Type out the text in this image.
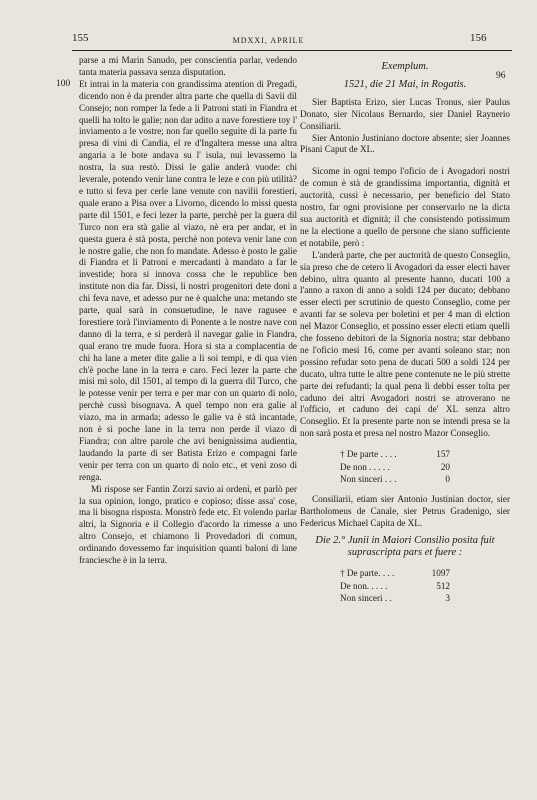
155	MDXXI, APRILE	156
100
96

parse a mi Marin Sanudo, per conscientia parlar, vedendo tanta materia passava senza disputation.

Et intrai in la materia con grandissima atention di Pregadi, dicendo non è da prender altra parte che quella di Savii dil Consejo; non romper la fede a li Patroni stati in Fiandra et quelli ha tolto le galie; non dar adito a nave forestiere toy l' inviamento a le vostre; non far quello seguite di la parte fu presa di vini di Candia, el re d'Ingaltera messe una altra angaria a le bote andava su l' isula, nui levassemo la nostra, la sua restò. Dissi le galie anderà vuode: chi leverale, potendo venir lane contra le leze e con più utilità? e tutto si feva per cerle lane venute con navilii forestieri, quale erano a Pisa over a Livorno, dicendo lo missi questa parte dil 1501, e feci lezer la parte, perchè per la guera dil Turco non era stà galie al viazo, nè era per andar, et in questa guera è stà posta, perchè non poteva venir lane con le nostre galie, che non fo mandate. Adesso è posto le galie di Fiandra et li Patroni e mercadanti à mandato a far le investide; hora si innova cossa che le republice ben institute non dia far. Dissi, li nostri progenitori dete doni a chi feva nave, et adesso pur ne è qualche una: metando ste parte, qual sarà in consuetudine, le nave ragusee e forestiere torà l'inviamento di Ponente a le nostre nave con danno di la terra, e si perderà il navegar galie in Fiandra, qual erano tre mude fuora. Hora si sta a complacentia de chi ha lane a meter dite galie a li soi tempi, e di qua vien ch'è poche lane in la terra e caro. Feci lezer la parte che misi mi solo, dil 1501, al tempo di la guerra dil Turco, che le potesse venir per terra e per mar con un quarto di nolo, perchè cussì bisognava. A quel tempo non era galie al viazo, ma in armada; adesso le galie va è stà incantade, non è sì poche lane in la terra non perde il viazo di Fiandra; con altre parole che avi benignissima audientia, laudando la parte di ser Batista Erizo e compagni farle venir per terra con un quarto di nolo etc., et veni zoso di renga.

Mi rispose ser Fantin Zorzi savio ai ordeni, et parlò per la sua opinion, longo, pratico e copioso; disse assa' cose, ma li bisogna risposta. Monstrò fede etc. Et volendo parlar altri, la Signoria e il Collegio d'acordo la rimesse a uno altro Consejo, et chiamono li Provedadori di comun, ordinando dovessemo far inquisition quanti baloni di lane franciesche è in la terra.

Exemplum.

1521, die 21 Mai, in Rogatis.

Sier Baptista Erizo, sier Lucas Tronus, sier Paulus Donato, sier Nicolaus Bernardo, sier Daniel Raynerio Consiliarii.

Sier Antonio Justiniano doctore absente; sier Joannes Pisani Caput de XL.

Sicome in ogni tempo l'oficio de i Avogadori nostri de comun è stà de grandissima importantia, dignità et auctorità, cussì è necessario, per beneficio del Stato nostro, far ogni provisione per conservarlo ne la dicta sua auctorità et dignità; il che consistendo potissimum ne la electione a quello de persone che siano sufficiente et notabile, però :

L'anderà parte, che per auctorità de questo Conseglio, sia preso che de cetero li Avogadori da esser electi haver debino, ultra quanto al presente hanno, ducati 100 a l'anno a raxon di anno a soldi 124 per ducato; debbano esser electi per scrutinio de questo Conseglio, come per avanti far se soleva per boletini et per 4 man di elction nel Mazor Conseglio, et possino esser electi etiam quelli che fosseno debitori de la Signoria nostra; star debbano ne l'oficio mesi 16, come per avanti soleano star; non possino refudar soto pena de ducati 500 a soldi 124 per ducato, ultra tutte le altre pene contenute ne le più strette parte dei refudanti; la qual pena li debbi esser tolta per caduno dei altri Avogadori nostri se atroverano ne l'officio, et caduno dei capi de' XL senza altro Conseglio. Et la presente parte non se intendi presa se la non sarà posta et presa nel nostro Mazor Conseglio.

† De parte . . . .	157
De non . . . . .	20
Non sinceri . . .	0

Consiliarii, etiam sier Antonio Justinian doctor, sier Bartholomeus de Canale, sier Petrus Gradenigo, sier Federicus Michael Capita de XL.

Die 2.° Junii in Maiori Consilio posita fuit suprascripta pars et fuere :

† De parte. . . .	1097
De non. . . . .	512
Non sinceri . .	3
